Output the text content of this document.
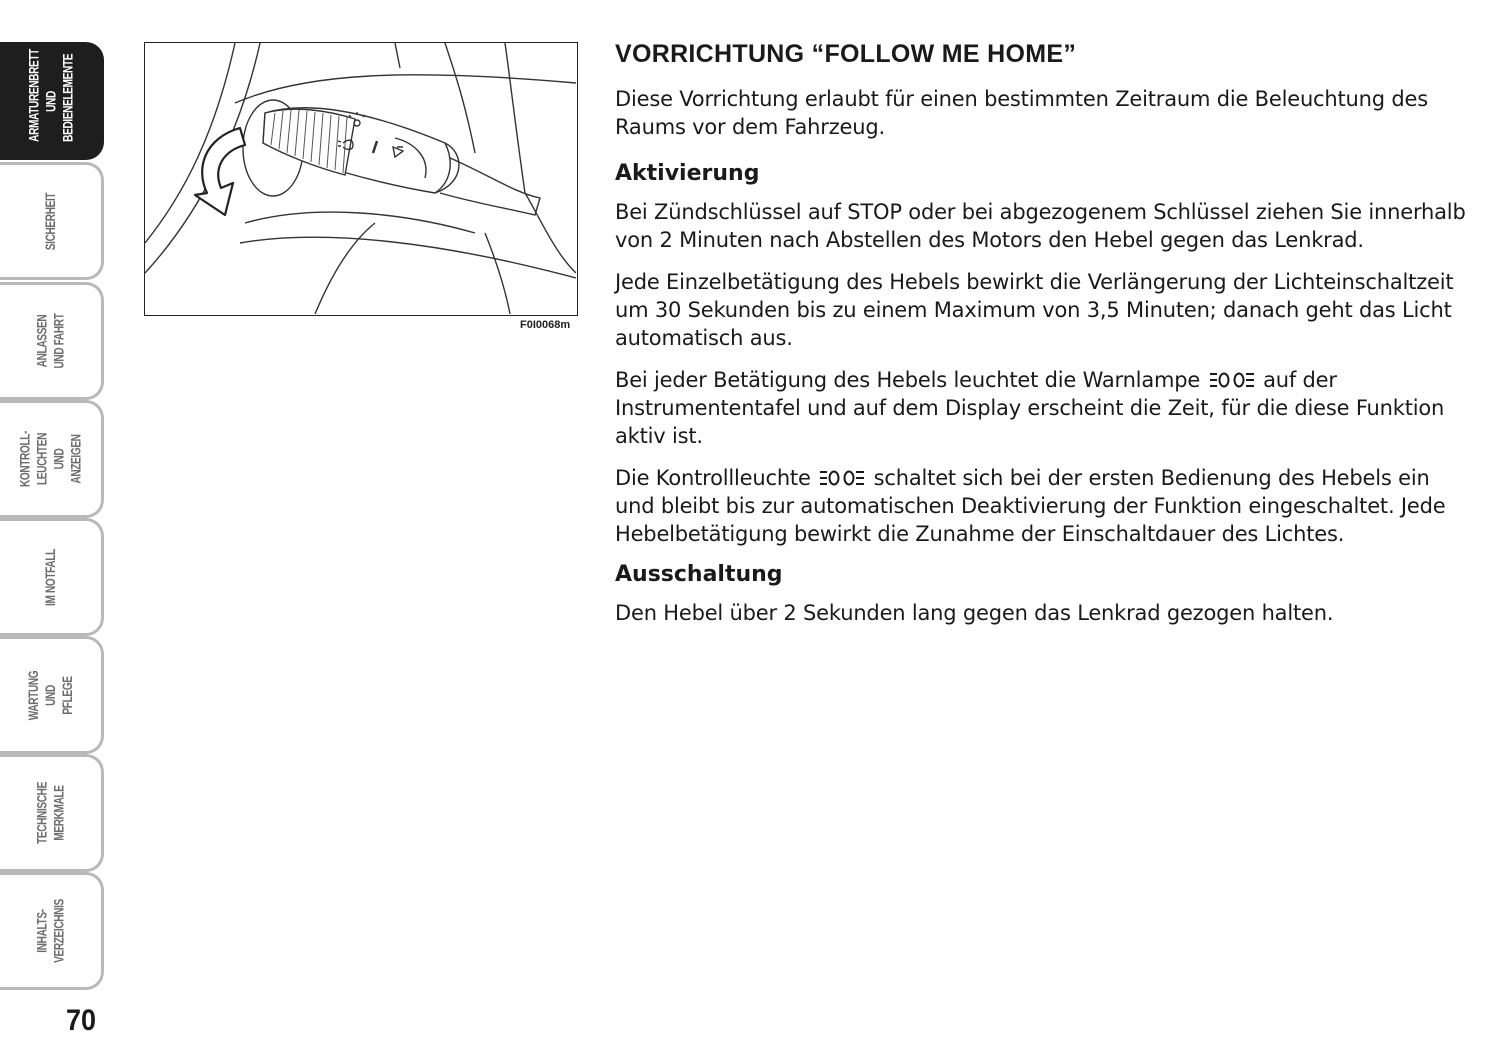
ARMATURENBRETT
UND
BEDIENELEMENTE
SICHERHEIT
ANLASSEN
UND FAHRT
KONTROLL-
LEUCHTEN UND
ANZEIGEN
IM NOTFALL
WARTUNG UND
PFLEGE
TECHNISCHE
MERKMALE
INHALTS-
VERZEICHNIS
70
F0I0068m
VORRICHTUNG “FOLLOW ME HOME”

Diese Vorrichtung erlaubt für einen bestimmten Zeitraum die Beleuchtung des Raums vor dem Fahrzeug.

Aktivierung

Bei Zündschlüssel auf STOP oder bei abgezogenem Schlüssel ziehen Sie innerhalb von 2 Minuten nach Abstellen des Motors den Hebel gegen das Lenkrad.

Jede Einzelbetätigung des Hebels bewirkt die Verlängerung der Lichteinschaltzeit um 30 Sekunden bis zu einem Maximum von 3,5 Minuten; danach geht das Licht automatisch aus.

Bei jeder Betätigung des Hebels leuchtet die Warnlampe	auf der Instrumententafel und auf dem Display erscheint die Zeit, für die diese Funktion aktiv ist.

Die Kontrollleuchte	schaltet sich bei der ersten Bedienung des Hebels ein und bleibt bis zur automatischen Deaktivierung der Funktion eingeschaltet. Jede Hebelbetätigung bewirkt die Zunahme der Einschaltdauer des Lichtes.

Ausschaltung

Den Hebel über 2 Sekunden lang gegen das Lenkrad gezogen halten.
